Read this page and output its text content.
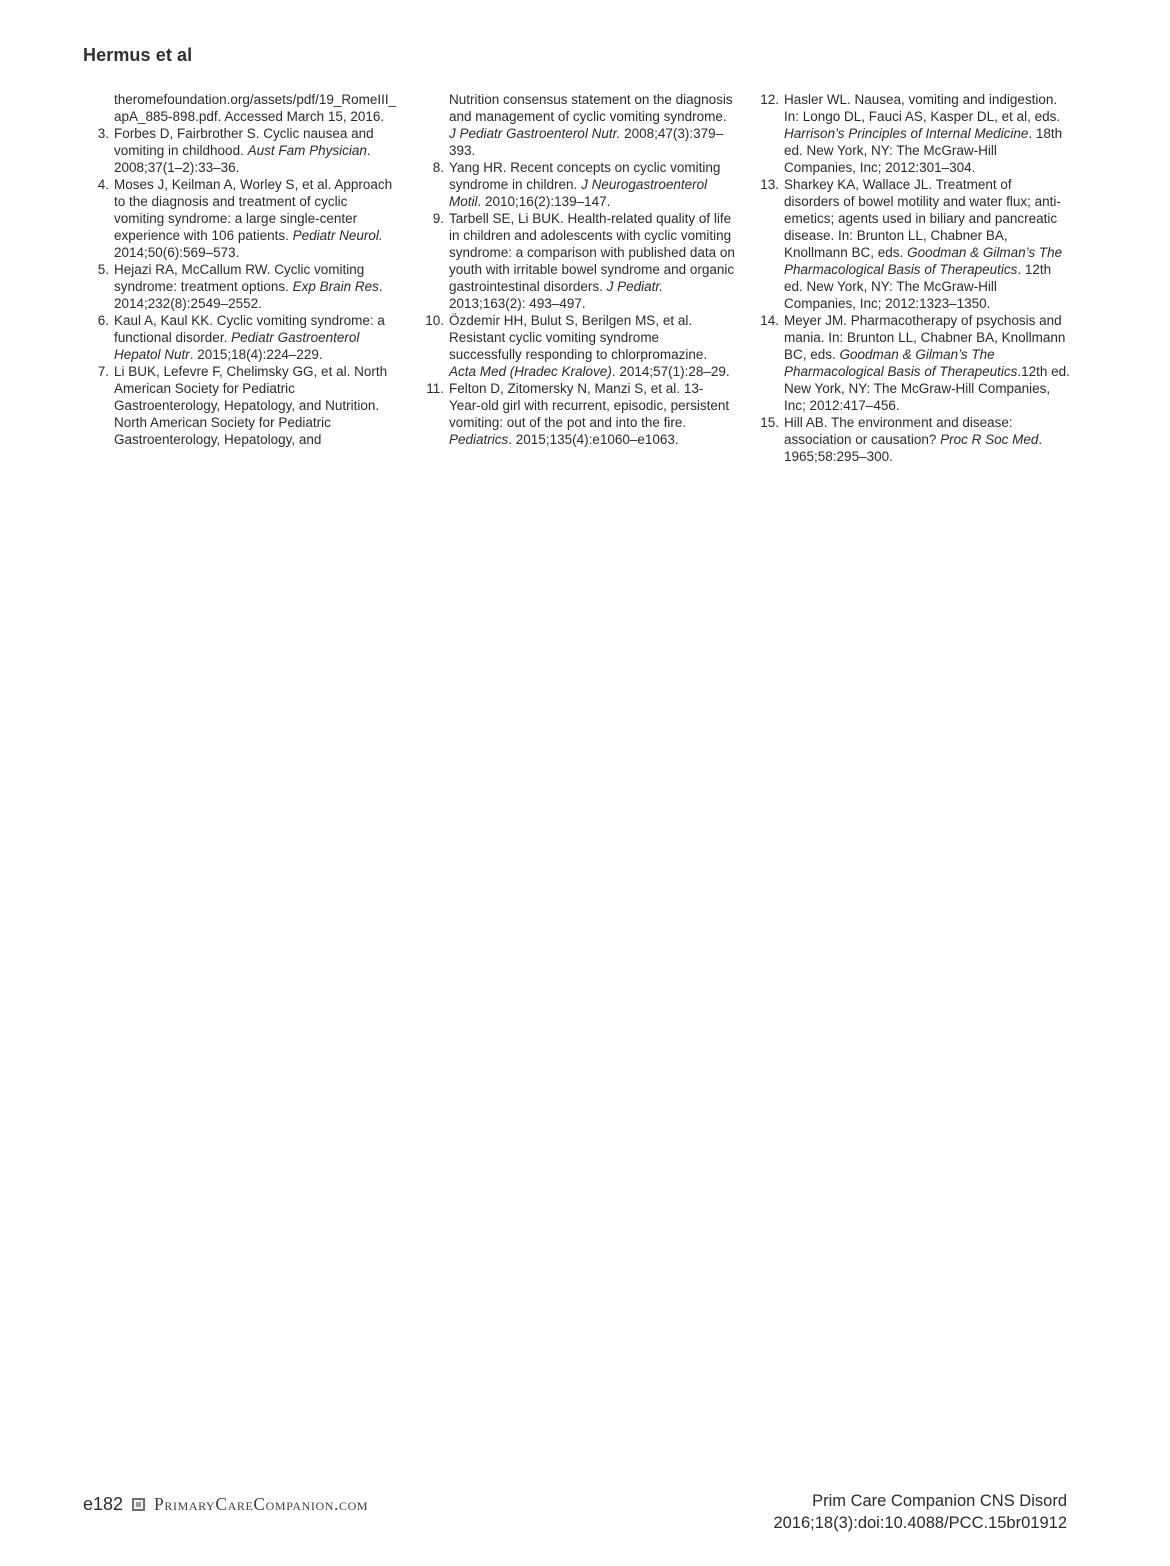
Hermus et al
theromefoundation.org/assets/pdf/19_RomeIII_apA_885-898.pdf. Accessed March 15, 2016.
3. Forbes D, Fairbrother S. Cyclic nausea and vomiting in childhood. Aust Fam Physician. 2008;37(1–2):33–36.
4. Moses J, Keilman A, Worley S, et al. Approach to the diagnosis and treatment of cyclic vomiting syndrome: a large single-center experience with 106 patients. Pediatr Neurol. 2014;50(6):569–573.
5. Hejazi RA, McCallum RW. Cyclic vomiting syndrome: treatment options. Exp Brain Res. 2014;232(8):2549–2552.
6. Kaul A, Kaul KK. Cyclic vomiting syndrome: a functional disorder. Pediatr Gastroenterol Hepatol Nutr. 2015;18(4):224–229.
7. Li BUK, Lefevre F, Chelimsky GG, et al. North American Society for Pediatric Gastroenterology, Hepatology, and Nutrition. North American Society for Pediatric Gastroenterology, Hepatology, and
Nutrition consensus statement on the diagnosis and management of cyclic vomiting syndrome. J Pediatr Gastroenterol Nutr. 2008;47(3):379–393.
8. Yang HR. Recent concepts on cyclic vomiting syndrome in children. J Neurogastroenterol Motil. 2010;16(2):139–147.
9. Tarbell SE, Li BUK. Health-related quality of life in children and adolescents with cyclic vomiting syndrome: a comparison with published data on youth with irritable bowel syndrome and organic gastrointestinal disorders. J Pediatr. 2013;163(2): 493–497.
10. Özdemir HH, Bulut S, Berilgen MS, et al. Resistant cyclic vomiting syndrome successfully responding to chlorpromazine. Acta Med (Hradec Kralove). 2014;57(1):28–29.
11. Felton D, Zitomersky N, Manzi S, et al. 13-Year-old girl with recurrent, episodic, persistent vomiting: out of the pot and into the fire. Pediatrics. 2015;135(4):e1060–e1063.
12. Hasler WL. Nausea, vomiting and indigestion. In: Longo DL, Fauci AS, Kasper DL, et al, eds. Harrison’s Principles of Internal Medicine. 18th ed. New York, NY: The McGraw-Hill Companies, Inc; 2012:301–304.
13. Sharkey KA, Wallace JL. Treatment of disorders of bowel motility and water flux; anti-emetics; agents used in biliary and pancreatic disease. In: Brunton LL, Chabner BA, Knollmann BC, eds. Goodman & Gilman’s The Pharmacological Basis of Therapeutics. 12th ed. New York, NY: The McGraw-Hill Companies, Inc; 2012:1323–1350.
14. Meyer JM. Pharmacotherapy of psychosis and mania. In: Brunton LL, Chabner BA, Knollmann BC, eds. Goodman & Gilman’s The Pharmacological Basis of Therapeutics.12th ed. New York, NY: The McGraw-Hill Companies, Inc; 2012:417–456.
15. Hill AB. The environment and disease: association or causation? Proc R Soc Med. 1965;58:295–300.
e182 PrimaryCareCompanion.com	Prim Care Companion CNS Disord
2016;18(3):doi:10.4088/PCC.15br01912
